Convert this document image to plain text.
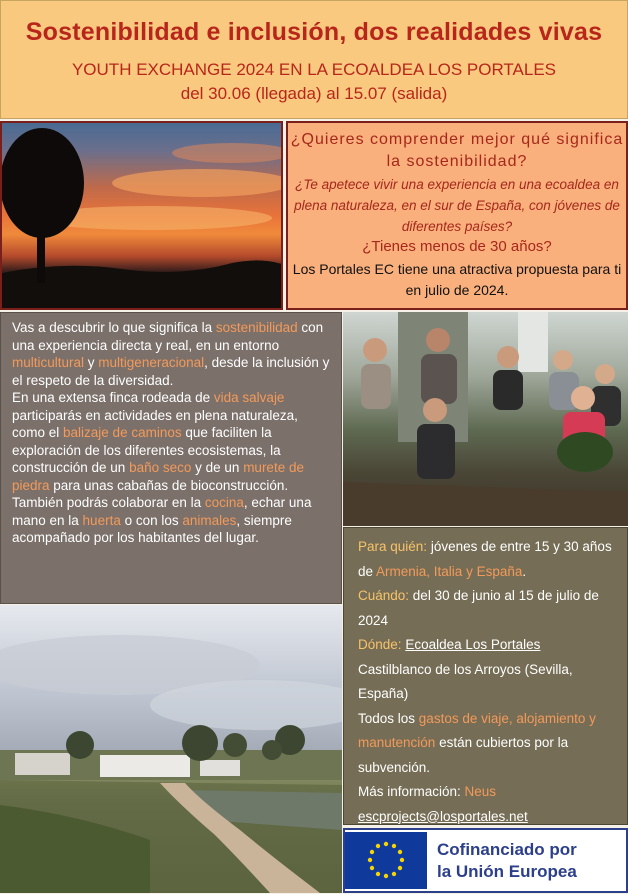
Sostenibilidad e inclusión, dos realidades vivas
YOUTH EXCHANGE 2024 EN LA ECOALDEA LOS PORTALES
del 30.06 (llegada) al 15.07 (salida)
¿Quieres comprender mejor qué significa la sostenibilidad?
¿Te apetece vivir una experiencia en una ecoaldea en plena naturaleza, en el sur de España, con jóvenes de diferentes países?
¿Tienes menos de 30 años?
Los Portales EC tiene una atractiva propuesta para ti en julio de 2024.
Vas a descubrir lo que significa la sostenibilidad con una experiencia directa y real, en un entorno multicultural y multigeneracional, desde la inclusión y el respeto de la diversidad.
En una extensa finca rodeada de vida salvaje participarás en actividades en plena naturaleza, como el balizaje de caminos que faciliten la exploración de los diferentes ecosistemas, la construcción de un baño seco y de un murete de piedra para unas cabañas de bioconstrucción. También podrás colaborar en la cocina, echar una mano en la huerta o con los animales, siempre acompañado por los habitantes del lugar.
Para quién: jóvenes de entre 15 y 30 años de Armenia, Italia y España.
Cuándo: del 30 de junio al 15 de julio de 2024
Dónde: Ecoaldea Los Portales
Castilblanco de los Arroyos (Sevilla, España)
Todos los gastos de viaje, alojamiento y manutención están cubiertos por la subvención.
Más información: Neus
escprojects@losportales.net
Cofinanciado por
la Unión Europea
